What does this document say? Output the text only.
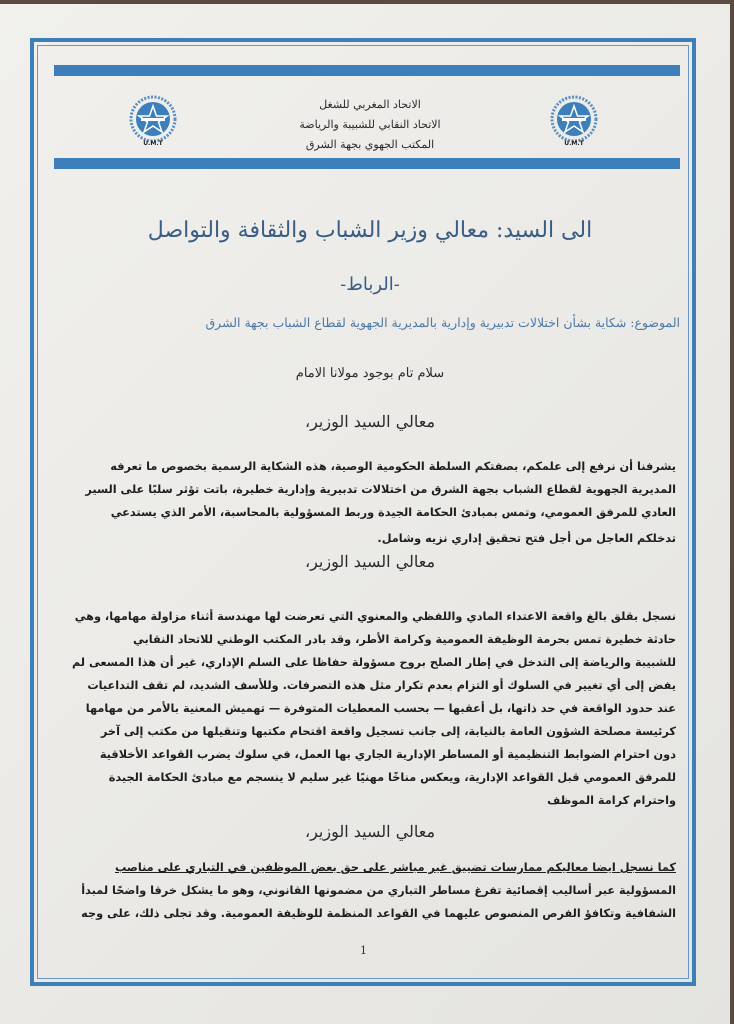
U.M.T	U.M.T
الاتحاد المغربي للشغل
الاتحاد النقابي للشبيبة والرياضة
المكتب الجهوي بجهة الشرق
الى السيد: معالي وزير الشباب والثقافة والتواصل
-الرباط-
الموضوع: شكاية بشأن اختلالات تدبيرية وإدارية بالمديرية الجهوية لقطاع الشباب بجهة الشرق
سلام تام بوجود مولانا الامام
معالي السيد الوزير،
يشرفنا أن نرفع إلى علمكم، بصفتكم السلطة الحكومية الوصية، هذه الشكاية الرسمية بخصوص ما تعرفه
المديرية الجهوية لقطاع الشباب بجهة الشرق من اختلالات تدبيرية وإدارية خطيرة، باتت تؤثر سلبًا على السير
العادي للمرفق العمومي، وتمس بمبادئ الحكامة الجيدة وربط المسؤولية بالمحاسبة، الأمر الذي يستدعي
تدخلكم العاجل من أجل فتح تحقيق إداري نزيه وشامل.
معالي السيد الوزير،
نسجل بقلق بالغ واقعة الاعتداء المادي واللفظي والمعنوي التي تعرضت لها مهندسة أثناء مزاولة مهامها، وهي
حادثة خطيرة تمس بحرمة الوظيفة العمومية وكرامة الأطر، وقد بادر المكتب الوطني للاتحاد النقابي
للشبيبة والرياضة إلى التدخل في إطار الصلح بروح مسؤولة حفاظا على السلم الإداري، غير أن هذا المسعى لم
يفض إلى أي تغيير في السلوك أو التزام بعدم تكرار مثل هذه التصرفات. وللأسف الشديد، لم تقف التداعيات
عند حدود الواقعة في حد ذاتها، بل أعقبها — بحسب المعطيات المتوفرة — تهميش المعنية بالأمر من مهامها
كرئيسة مصلحة الشؤون العامة بالنيابة، إلى جانب تسجيل واقعة اقتحام مكتبها وتنقيلها من مكتب إلى آخر
دون احترام الضوابط التنظيمية أو المساطر الإدارية الجاري بها العمل، في سلوك يضرب القواعد الأخلاقية
للمرفق العمومي قبل القواعد الإدارية، ويعكس مناخًا مهنيًا غير سليم لا ينسجم مع مبادئ الحكامة الجيدة
واحترام كرامة الموظف
معالي السيد الوزير،
كما نسجل ايضا معاليكم ممارسات تضييق غير مباشر على حق بعض الموظفين في التباري على مناصب
المسؤولية عبر أساليب إقصائية تفرغ مساطر التباري من مضمونها القانوني، وهو ما يشكل خرقا واضحًا لمبدأ
الشفافية وتكافؤ الفرص المنصوص عليهما في القواعد المنظمة للوظيفة العمومية. وقد تجلى ذلك، على وجه
1
